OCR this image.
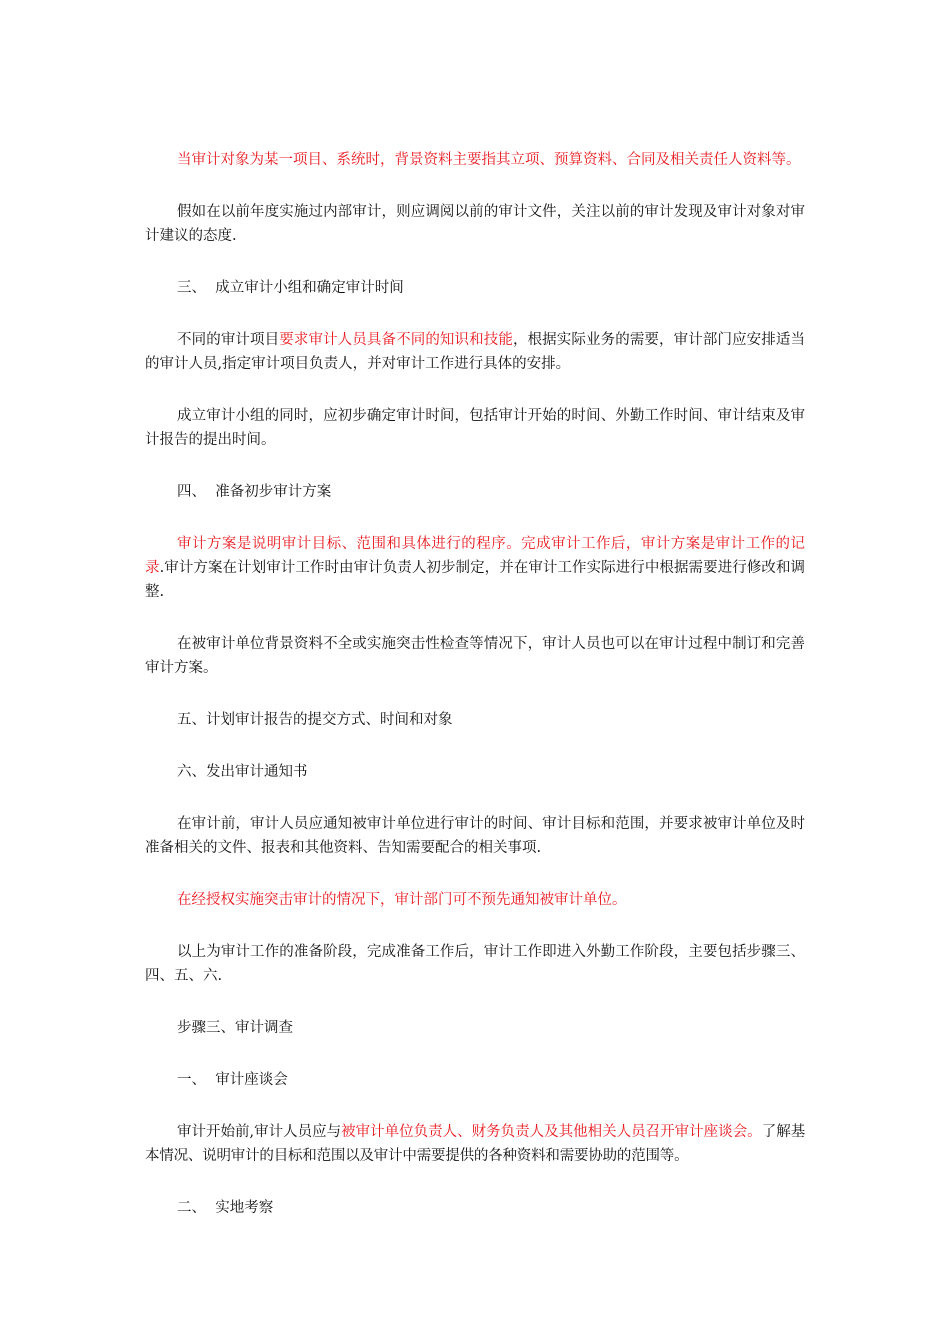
当审计对象为某一项目、系统时，背景资料主要指其立项、预算资料、合同及相关责任人资料等。

假如在以前年度实施过内部审计，则应调阅以前的审计文件，关注以前的审计发现及审计对象对审计建议的态度.

三、  成立审计小组和确定审计时间

不同的审计项目要求审计人员具备不同的知识和技能，根据实际业务的需要，审计部门应安排适当的审计人员,指定审计项目负责人，并对审计工作进行具体的安排。

成立审计小组的同时，应初步确定审计时间，包括审计开始的时间、外勤工作时间、审计结束及审计报告的提出时间。

四、  准备初步审计方案

审计方案是说明审计目标、范围和具体进行的程序。完成审计工作后，审计方案是审计工作的记录.审计方案在计划审计工作时由审计负责人初步制定，并在审计工作实际进行中根据需要进行修改和调整.

在被审计单位背景资料不全或实施突击性检查等情况下，审计人员也可以在审计过程中制订和完善审计方案。

五、计划审计报告的提交方式、时间和对象

六、发出审计通知书

在审计前，审计人员应通知被审计单位进行审计的时间、审计目标和范围，并要求被审计单位及时准备相关的文件、报表和其他资料、告知需要配合的相关事项.

在经授权实施突击审计的情况下，审计部门可不预先通知被审计单位。

以上为审计工作的准备阶段，完成准备工作后，审计工作即进入外勤工作阶段，主要包括步骤三、四、五、六.

步骤三、审计调查

一、  审计座谈会

审计开始前,审计人员应与被审计单位负责人、财务负责人及其他相关人员召开审计座谈会。了解基本情况、说明审计的目标和范围以及审计中需要提供的各种资料和需要协助的范围等。

二、  实地考察
